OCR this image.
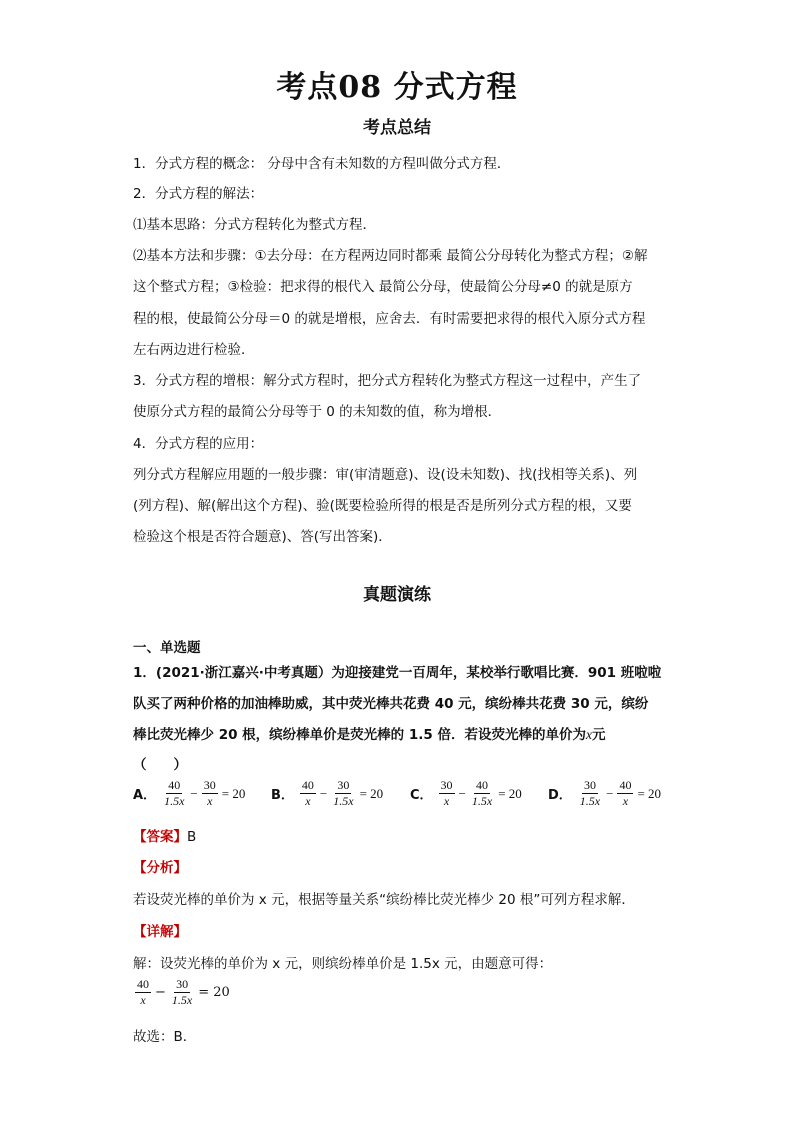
考点08 分式方程
考点总结
1．分式方程的概念： 分母中含有未知数的方程叫做分式方程．
2．分式方程的解法：
⑴基本思路：分式方程转化为整式方程．
⑵基本方法和步骤：①去分母：在方程两边同时都乘 最简公分母转化为整式方程；②解
这个整式方程；③检验：把求得的根代入 最简公分母，使最简公分母≠0 的就是原方
程的根，使最简公分母＝0 的就是增根，应舍去．有时需要把求得的根代入原分式方程
左右两边进行检验．
3．分式方程的增根：解分式方程时，把分式方程转化为整式方程这一过程中，产生了
使原分式方程的最简公分母等于 0 的未知数的值，称为增根．
4．分式方程的应用：
列分式方程解应用题的一般步骤：审(审清题意)、设(设未知数)、找(找相等关系)、列
(列方程)、解(解出这个方程)、验(既要检验所得的根是否是所列分式方程的根，又要
检验这个根是否符合题意)、答(写出答案)．
真题演练
一、单选题
1．(2021·浙江嘉兴·中考真题）为迎接建党一百周年，某校举行歌唱比赛．901 班啦啦
队买了两种价格的加油棒助威，其中荧光棒共花费 40 元，缤纷棒共花费 30 元，缤纷
棒比荧光棒少 20 根，缤纷棒单价是荧光棒的 1.5 倍．若设荧光棒的单价为x元
（　　）
A． $\frac{40}{1.5x} - \frac{30}{x} = 20$ B． $\frac{40}{x} - \frac{30}{1.5x} = 20$ C． $\frac{30}{x} - \frac{40}{1.5x} = 20$ D． $\frac{30}{1.5x} - \frac{40}{x} = 20$
【答案】B
【分析】
若设荧光棒的单价为 x 元，根据等量关系“缤纷棒比荧光棒少 20 根”可列方程求解．
【详解】
解：设荧光棒的单价为 x 元，则缤纷棒单价是 1.5x 元，由题意可得：
$\frac{40}{x} - \frac{30}{1.5x} = 20$
故选：B．
